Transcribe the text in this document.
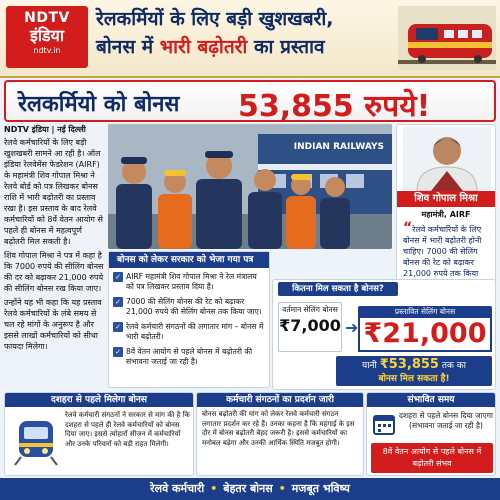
NDTV
इंडिया
ndtv.in
रेलकर्मियों के लिए बड़ी खुशखबरी,
बोनस में भारी बढ़ोतरी का प्रस्ताव
रेलकर्मियो को बोनस 53,855 रुपये!
NDTV इंडिया | नई दिल्ली

रेलवे कर्मचारियों के लिए बड़ी खुशखबरी सामने आ रही है। ऑल इंडिया रेलवेमेंस फेडरेशन (AIRF) के महामंत्री शिव गोपाल मिश्रा ने रेलवे बोर्ड को पत्र लिखकर बोनस राशि में भारी बढ़ोतरी का प्रस्ताव रखा है। इस प्रस्ताव के बाद रेलवे कर्मचारियों को 8वें वेतन आयोग से पहले ही बोनस में महत्वपूर्ण बढ़ोतरी मिल सकती है।

शिव गोपाल मिश्रा ने पत्र में कहा है कि 7000 रुपये की सीलिंग बोनस की दर को बढ़ाकर 21,000 रुपये की सीलिंग बोनस रख किया जाए।

उन्होंने यह भी कहा कि यह प्रस्ताव रेलवे कर्मचारियों के लंबे समय से चल रहे मांगों के अनुरूप है और इससे लाखों कर्मचारियों को सीधा फायदा मिलेगा।

INDIAN RAILWAYS
शिव गोपाल मिश्रा
महामंत्री, AIRF
“रेलवे कर्मचारियों के लिए बोनस में भारी बढ़ोतरी होनी चाहिए। 7000 की सेलिंग बोनस की रेट को बढ़ाकर 21,000 रुपये तक किया
बोनस को लेकर सरकार को भेजा गया पत्र
✓ AIRF महामंत्री शिव गोपाल मिश्रा ने रेल मंत्रालय को पत्र लिखकर प्रस्ताव दिया है।
✓ 7000 की सेलिंग बोनस की रेट को बढ़ाकर 21,000 रुपये की सेलिंग बोनस तक किया जाए।
✓ रेलवे कर्मचारी संगठनों की लगातार मांग – बोनस में भारी बढ़ोतरी।
✓ 8वें वेतन आयोग से पहले बोनस में बढ़ोतरी की संभावना जताई जा रही है।
कितना मिल सकता है बोनस?
वर्तमान सेलिंग बोनस
₹7,000 ➜
प्रस्तावित सेलिंग बोनस
₹21,000
यानी ₹53,855 तक का
बोनस मिल सकता है!
दशहरा से पहले मिलेगा बोनस
रेलवे कर्मचारी संगठनों ने सरकार से मांग की है कि दशहरा से पहले ही रेलवे कर्मचारियों को बोनस दिया जाए। इससे त्योहारों सीजन में कर्मचारियों और उनके परिवारों को बड़ी राहत मिलेगी।
कर्मचारी संगठनों का प्रदर्शन जारी
बोनस बढ़ोतरी की मांग को लेकर रेलवे कर्मचारी संगठन लगातार प्रदर्शन कर रहे हैं। उनका कहना है कि महंगाई के इस दौर में बोनस बढ़ोतरी बेहद जरूरी है। इससे कर्मचारियों का मनोबल बढ़ेगा और उनकी आर्थिक स्थिति मजबूत होगी।
संभावित समय
दशहरा से पहले बोनस दिया जाएगा (संभावना जताई जा रही है)
8वें वेतन आयोग से पहले बोनस में बढ़ोतरी संभव
रेलवे कर्मचारी • बेहतर बोनस • मजबूत भविष्य
